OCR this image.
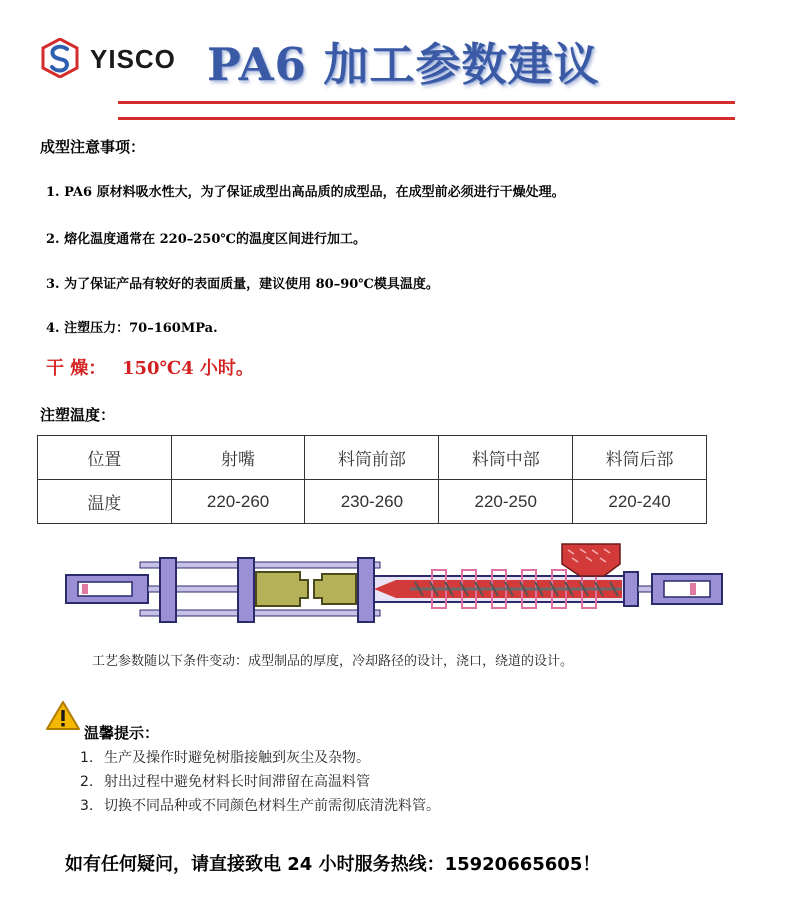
YISCO PA6 加工参数建议
成型注意事项：
1. PA6 原材料吸水性大，为了保证成型出高品质的成型品，在成型前必须进行干燥处理。
2. 熔化温度通常在 220–250℃的温度区间进行加工。
3. 为了保证产品有较好的表面质量，建议使用 80–90℃模具温度。
4. 注塑压力：70–160MPa.
干 燥： 150℃4 小时。
注塑温度：
位置	射嘴	料筒前部	料筒中部	料筒后部
温度	220-260	230-260	220-250	220-240
工艺参数随以下条件变动：成型制品的厚度，冷却路径的设计，浇口，绕道的设计。
温馨提示：
1. 生产及操作时避免树脂接触到灰尘及杂物。
2. 射出过程中避免材料长时间滞留在高温料管
3. 切换不同品种或不同颜色材料生产前需彻底清洗料管。
如有任何疑问，请直接致电 24 小时服务热线：15920665605！
